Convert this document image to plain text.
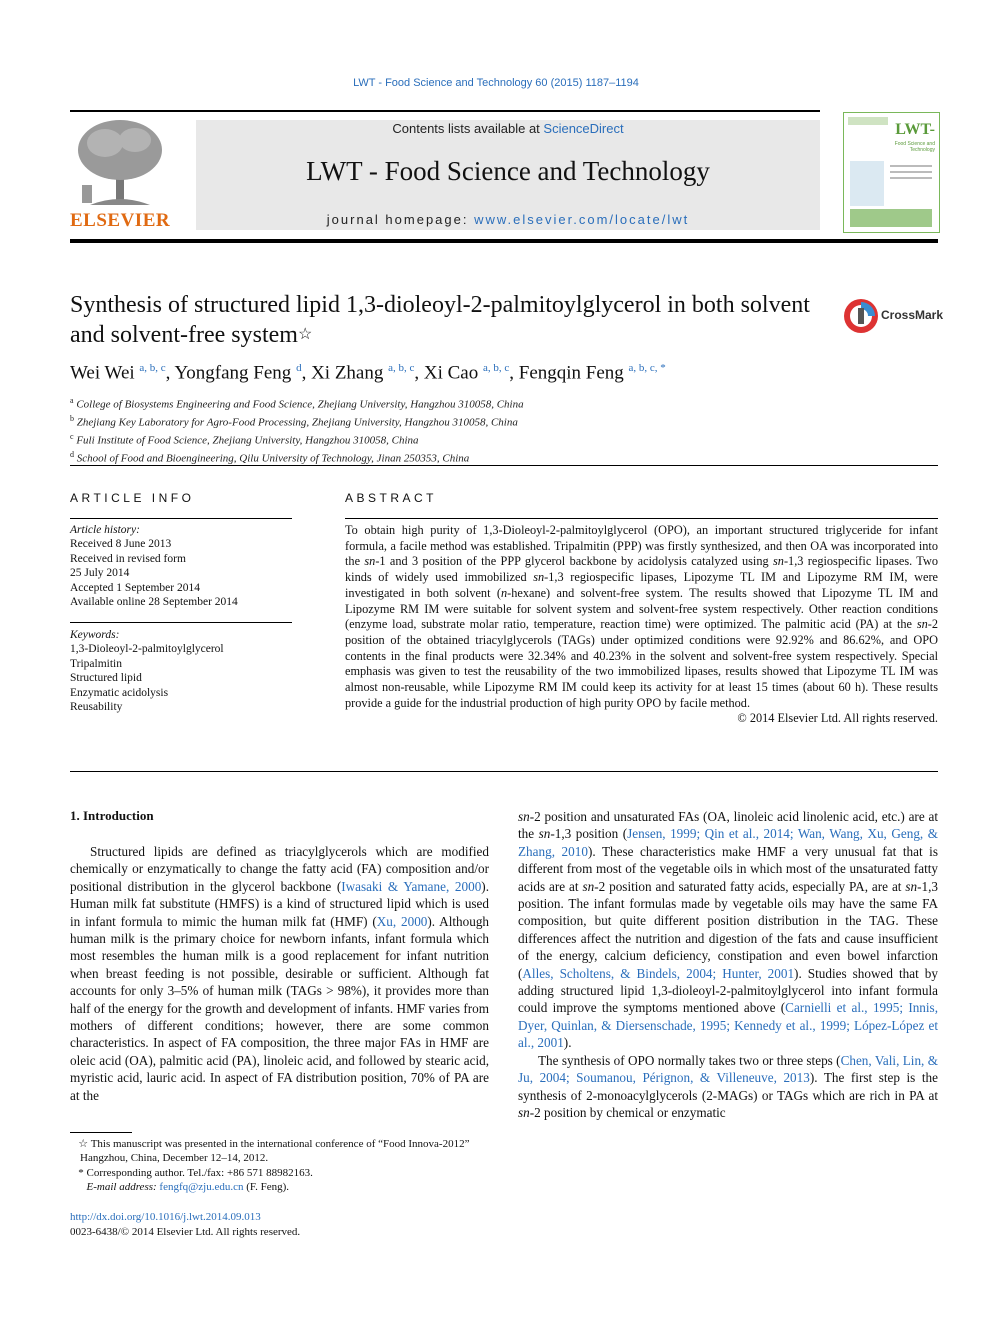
LWT - Food Science and Technology 60 (2015) 1187–1194
ELSEVIER
Contents lists available at ScienceDirect
LWT - Food Science and Technology
journal homepage: www.elsevier.com/locate/lwt
LWT-
Food Science and Technology
Synthesis of structured lipid 1,3-dioleoyl-2-palmitoylglycerol in both solvent and solvent-free system☆
CrossMark
Wei Wei $^{a, b, c}$, Yongfang Feng $^d$, Xi Zhang $^{a, b, c}$, Xi Cao $^{a, b, c}$, Fengqin Feng $^{a, b, c, *}$
$^a$ College of Biosystems Engineering and Food Science, Zhejiang University, Hangzhou 310058, China
$^b$ Zhejiang Key Laboratory for Agro-Food Processing, Zhejiang University, Hangzhou 310058, China
$^c$ Fuli Institute of Food Science, Zhejiang University, Hangzhou 310058, China
$^d$ School of Food and Bioengineering, Qilu University of Technology, Jinan 250353, China
ARTICLE INFO
Article history:
Received 8 June 2013
Received in revised form
25 July 2014
Accepted 1 September 2014
Available online 28 September 2014
Keywords:
1,3-Dioleoyl-2-palmitoylglycerol
Tripalmitin
Structured lipid
Enzymatic acidolysis
Reusability
ABSTRACT
To obtain high purity of 1,3-Dioleoyl-2-palmitoylglycerol (OPO), an important structured triglyceride for infant formula, a facile method was established. Tripalmitin (PPP) was firstly synthesized, and then OA was incorporated into the sn-1 and 3 position of the PPP glycerol backbone by acidolysis catalyzed using sn-1,3 regiospecific lipases. Two kinds of widely used immobilized sn-1,3 regiospecific lipases, Lipozyme TL IM and Lipozyme RM IM, were investigated in both solvent (n-hexane) and solvent-free system. The results showed that Lipozyme TL IM and Lipozyme RM IM were suitable for solvent system and solvent-free system respectively. Other reaction conditions (enzyme load, substrate molar ratio, temperature, reaction time) were optimized. The palmitic acid (PA) at the sn-2 position of the obtained triacylglycerols (TAGs) under optimized conditions were 92.92% and 86.62%, and OPO contents in the final products were 32.34% and 40.23% in the solvent and solvent-free system respectively. Special emphasis was given to test the reusability of the two immobilized lipases, results showed that Lipozyme TL IM was almost non-reusable, while Lipozyme RM IM could keep its activity for at least 15 times (about 60 h). These results provide a guide for the industrial production of high purity OPO by facile method.
© 2014 Elsevier Ltd. All rights reserved.
1. Introduction

Structured lipids are defined as triacylglycerols which are modified chemically or enzymatically to change the fatty acid (FA) composition and/or positional distribution in the glycerol backbone (Iwasaki & Yamane, 2000). Human milk fat substitute (HMFS) is a kind of structured lipid which is used in infant formula to mimic the human milk fat (HMF) (Xu, 2000). Although human milk is the primary choice for newborn infants, infant formula which most resembles the human milk is a good replacement for infant nutrition when breast feeding is not possible, desirable or sufficient. Although fat accounts for only 3–5% of human milk (TAGs > 98%), it provides more than half of the energy for the growth and development of infants. HMF varies from mothers of different conditions; however, there are some common characteristics. In aspect of FA composition, the three major FAs in HMF are oleic acid (OA), palmitic acid (PA), linoleic acid, and followed by stearic acid, myristic acid, lauric acid. In aspect of FA distribution position, 70% of PA are at the

sn-2 position and unsaturated FAs (OA, linoleic acid linolenic acid, etc.) are at the sn-1,3 position (Jensen, 1999; Qin et al., 2014; Wan, Wang, Xu, Geng, & Zhang, 2010). These characteristics make HMF a very unusual fat that is different from most of the vegetable oils in which most of the unsaturated fatty acids are at sn-2 position and saturated fatty acids, especially PA, are at sn-1,3 position. The infant formulas made by vegetable oils may have the same FA composition, but quite different position distribution in the TAG. These differences affect the nutrition and digestion of the fats and cause insufficient of the energy, calcium deficiency, constipation and even bowel infarction (Alles, Scholtens, & Bindels, 2004; Hunter, 2001). Studies showed that by adding structured lipid 1,3-dioleoyl-2-palmitoylglycerol into infant formula could improve the symptoms mentioned above (Carnielli et al., 1995; Innis, Dyer, Quinlan, & Diersenschade, 1995; Kennedy et al., 1999; López-López et al., 2001).

The synthesis of OPO normally takes two or three steps (Chen, Vali, Lin, & Ju, 2004; Soumanou, Pérignon, & Villeneuve, 2013). The first step is the synthesis of 2-monoacylglycerols (2-MAGs) or TAGs which are rich in PA at sn-2 position by chemical or enzymatic

☆ This manuscript was presented in the international conference of “Food Innova-2012” Hangzhou, China, December 12–14, 2012.
* Corresponding author. Tel./fax: +86 571 88982163.
E-mail address: fengfq@zju.edu.cn (F. Feng).
http://dx.doi.org/10.1016/j.lwt.2014.09.013
0023-6438/© 2014 Elsevier Ltd. All rights reserved.
